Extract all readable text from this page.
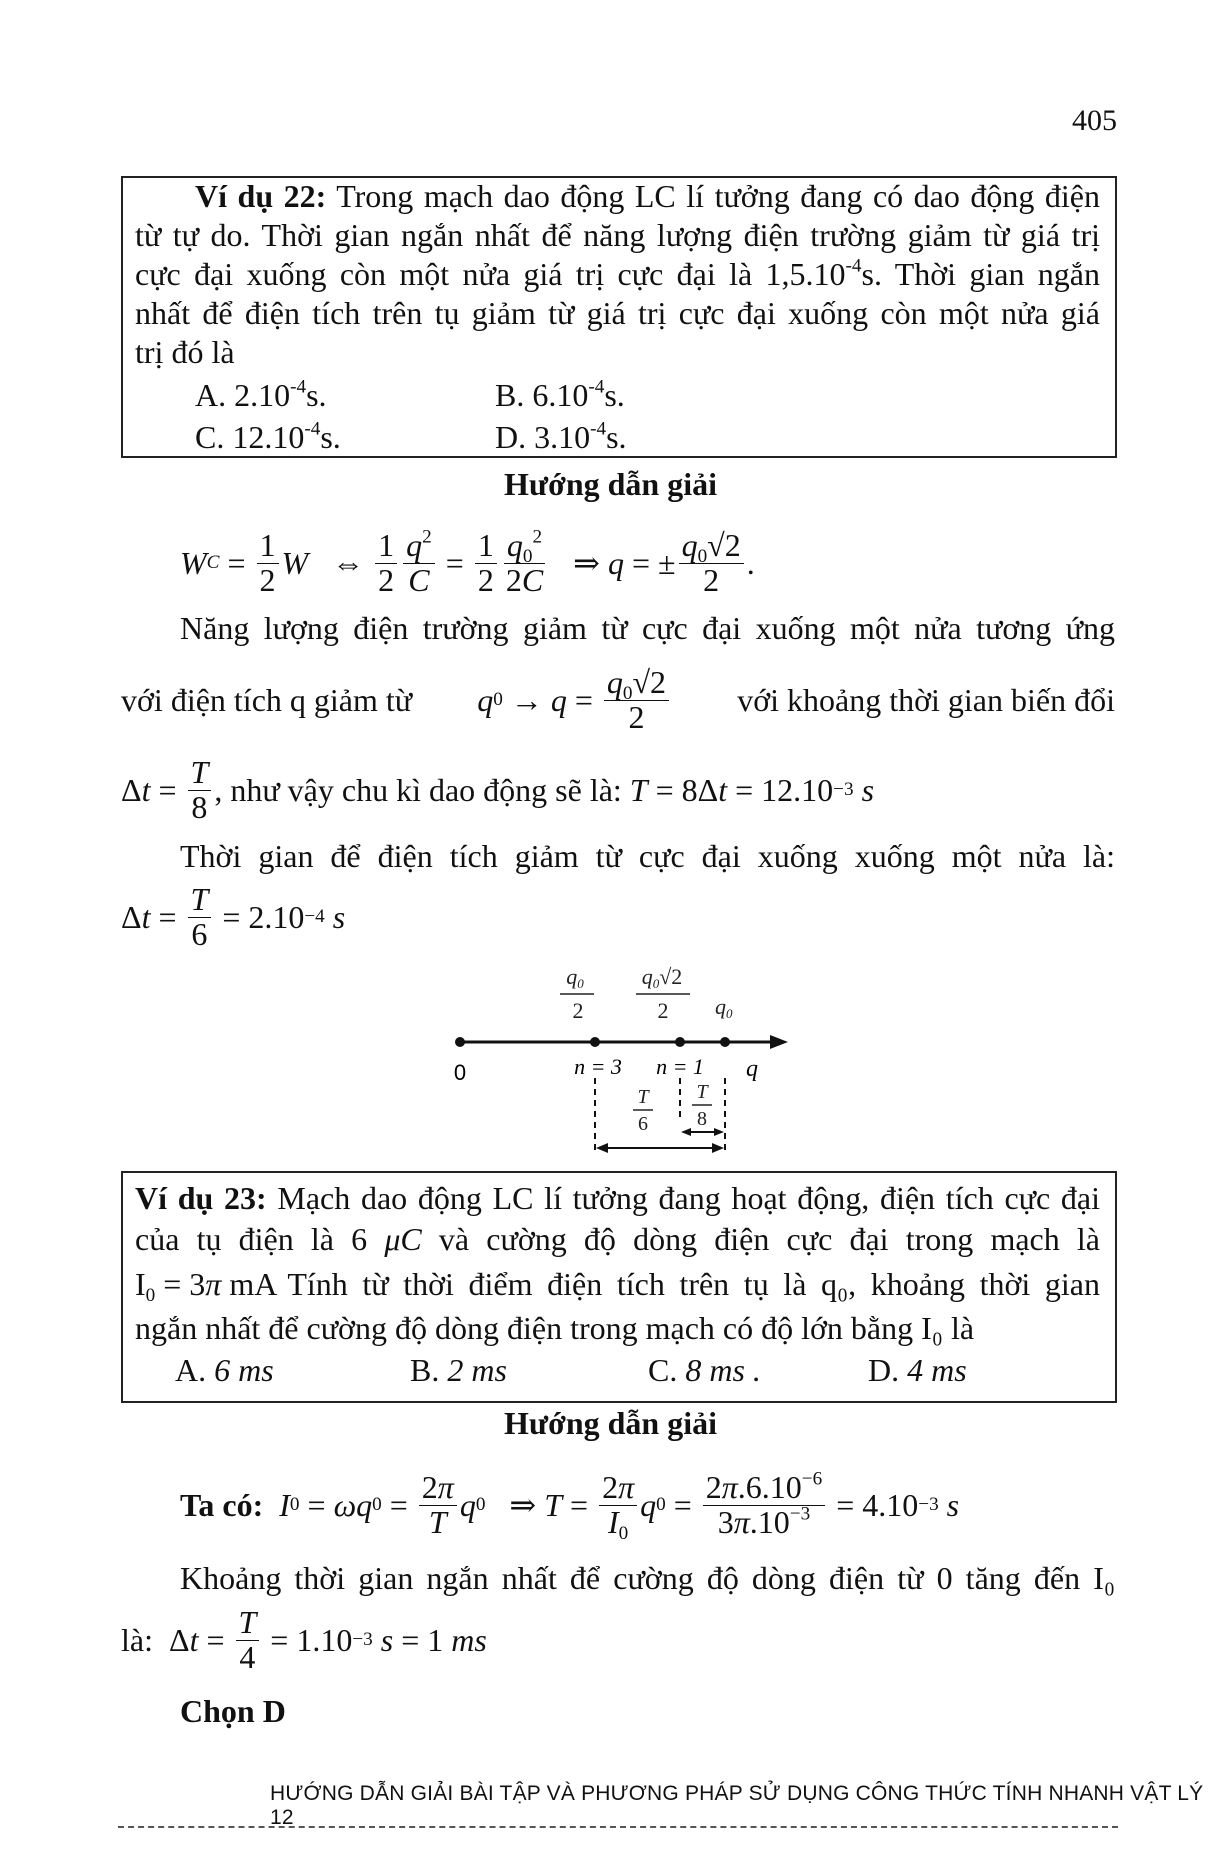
405
Ví dụ 22: Trong mạch dao động LC lí tưởng đang có dao động điện
từ tự do. Thời gian ngắn nhất để năng lượng điện trường giảm từ giá trị
cực đại xuống còn một nửa giá trị cực đại là $1,5.10^{-4}s$. Thời gian ngắn
nhất để điện tích trên tụ giảm từ giá trị cực đại xuống còn một nửa giá
trị đó là
A. $2.10^{-4}s$.	B. $6.10^{-4}s$.
C. $12.10^{-4}s$.	D. $3.10^{-4}s$.
Hướng dẫn giải
W $C = \frac{1}{2}$ W ⇔ $\frac{1}{2} \frac{q^2}{C} = \frac{1}{2} \frac{q_0^2}{2C}$ ⇒ q = ± $\frac{q_0√2}{2}$ .
Năng lượng điện trường giảm từ cực đại xuống một nửa tương ứng
với điện tích q giảm từ q $0 \to q = \frac{q_0√2}{2}$ với khoảng thời gian biến đổi
Δ $t = \frac{T}{8}$ , như vậy chu kì dao động sẽ là:
T = 8Δ t = 12.10 −3
s
Thời gian để điện tích giảm từ cực đại xuống xuống một nửa là:
Δ $t = \frac{T}{6} = 2.10 -4$
s
q0
2
q0√2
2 q0
0	n = 3 n = 1 q
T
6
T
8
Ví dụ 23: Mạch dao động LC lí tưởng đang hoạt động, điện tích cực đại
của tụ điện là 6 μC và cường độ dòng điện cực đại trong mạch là
$I_0 = 3\pi$ mA Tính từ thời điểm điện tích trên tụ là q₀, khoảng thời gian
ngắn nhất để cường độ dòng điện trong mạch có độ lớn bằng I₀ là
A. 6 ms	B. 2 ms	C. 8 ms .	D. 4 ms
Hướng dẫn giải
Ta có:
I 0 = ωq $0 = \frac{2\pi}{T}$ q 0 ⇒ $T = \frac{2\pi}{I_0}$ q $0 = \frac{2\pi.6.10^{-6}}{3\pi.10^{-3}} = 4.10 -3$
s
Khoảng thời gian ngắn nhất để cường độ dòng điện từ 0 tăng đến I₀
là: Δ $t = \frac{T}{4} = 1.10 -3$
s = 1 ms
Chọn D
HƯỚNG DẪN GIẢI BÀI TẬP VÀ PHƯƠNG PHÁP SỬ DỤNG CÔNG THỨC TÍNH NHANH VẬT LÝ 12
